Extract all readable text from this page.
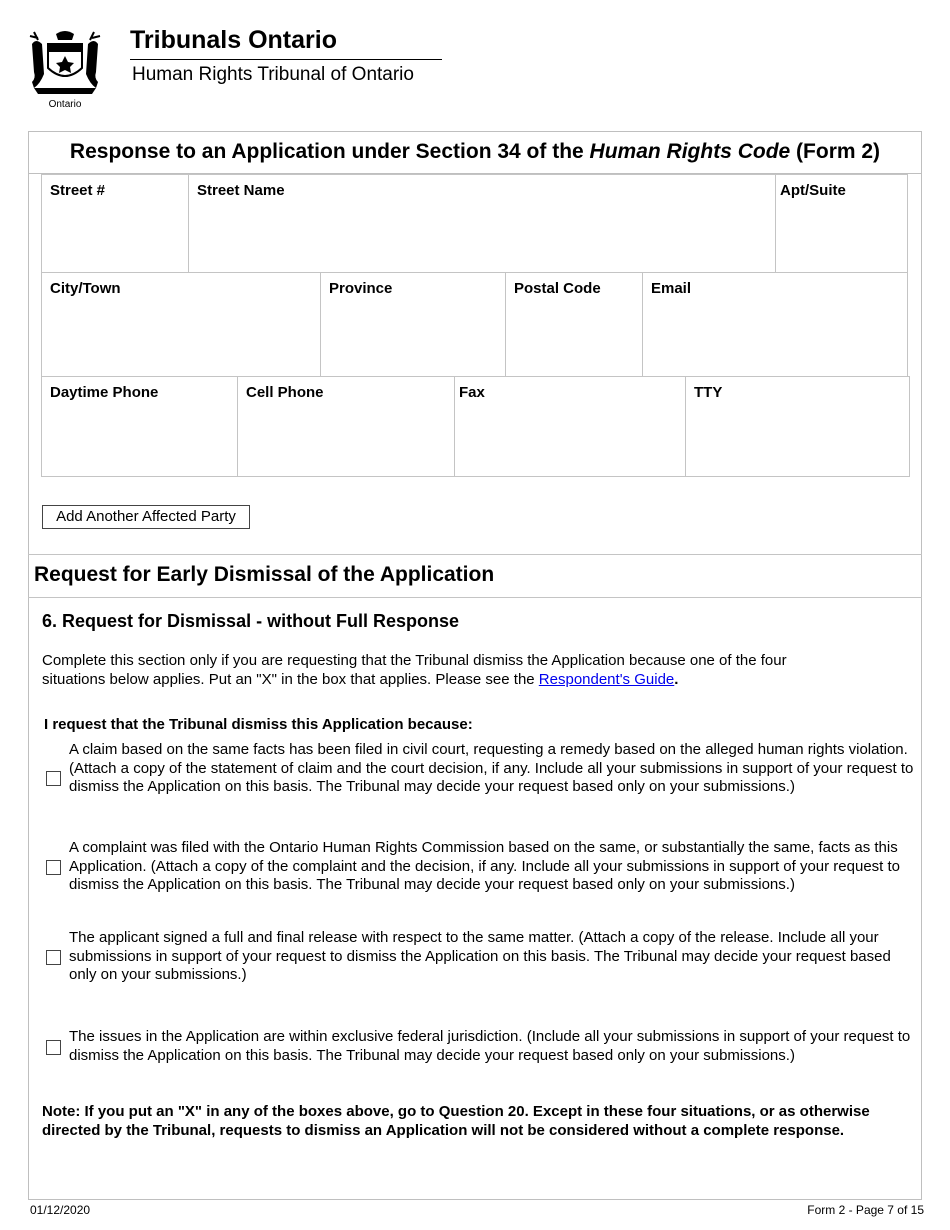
Ontario
Tribunals Ontario
Human Rights Tribunal of Ontario
Response to an Application under Section 34 of the Human Rights Code (Form 2)
Street #	Street Name	Apt/Suite
City/Town	Province	Postal Code	Email
Daytime Phone	Cell Phone	Fax	TTY
Add Another Affected Party
Request for Early Dismissal of the Application
6. Request for Dismissal - without Full Response
Complete this section only if you are requesting that the Tribunal dismiss the Application because one of the four
situations below applies. Put an "X" in the box that applies. Please see the Respondent's Guide.
I request that the Tribunal dismiss this Application because:
A claim based on the same facts has been filed in civil court, requesting a remedy based on the alleged human rights violation. (Attach a copy of the statement of claim and the court decision, if any. Include all your submissions in support of your request to dismiss the Application on this basis. The Tribunal may decide your request based only on your submissions.)
A complaint was filed with the Ontario Human Rights Commission based on the same, or substantially the same, facts as this Application. (Attach a copy of the complaint and the decision, if any. Include all your submissions in support of your request to dismiss the Application on this basis. The Tribunal may decide your request based only on your submissions.)
The applicant signed a full and final release with respect to the same matter. (Attach a copy of the release. Include all your submissions in support of your request to dismiss the Application on this basis. The Tribunal may decide your request based only on your submissions.)
The issues in the Application are within exclusive federal jurisdiction. (Include all your submissions in support of your request to dismiss the Application on this basis. The Tribunal may decide your request based only on your submissions.)
Note: If you put an "X" in any of the boxes above, go to Question 20. Except in these four situations, or as otherwise directed by the Tribunal, requests to dismiss an Application will not be considered without a complete response.
01/12/2020	Form 2 - Page 7 of 15
